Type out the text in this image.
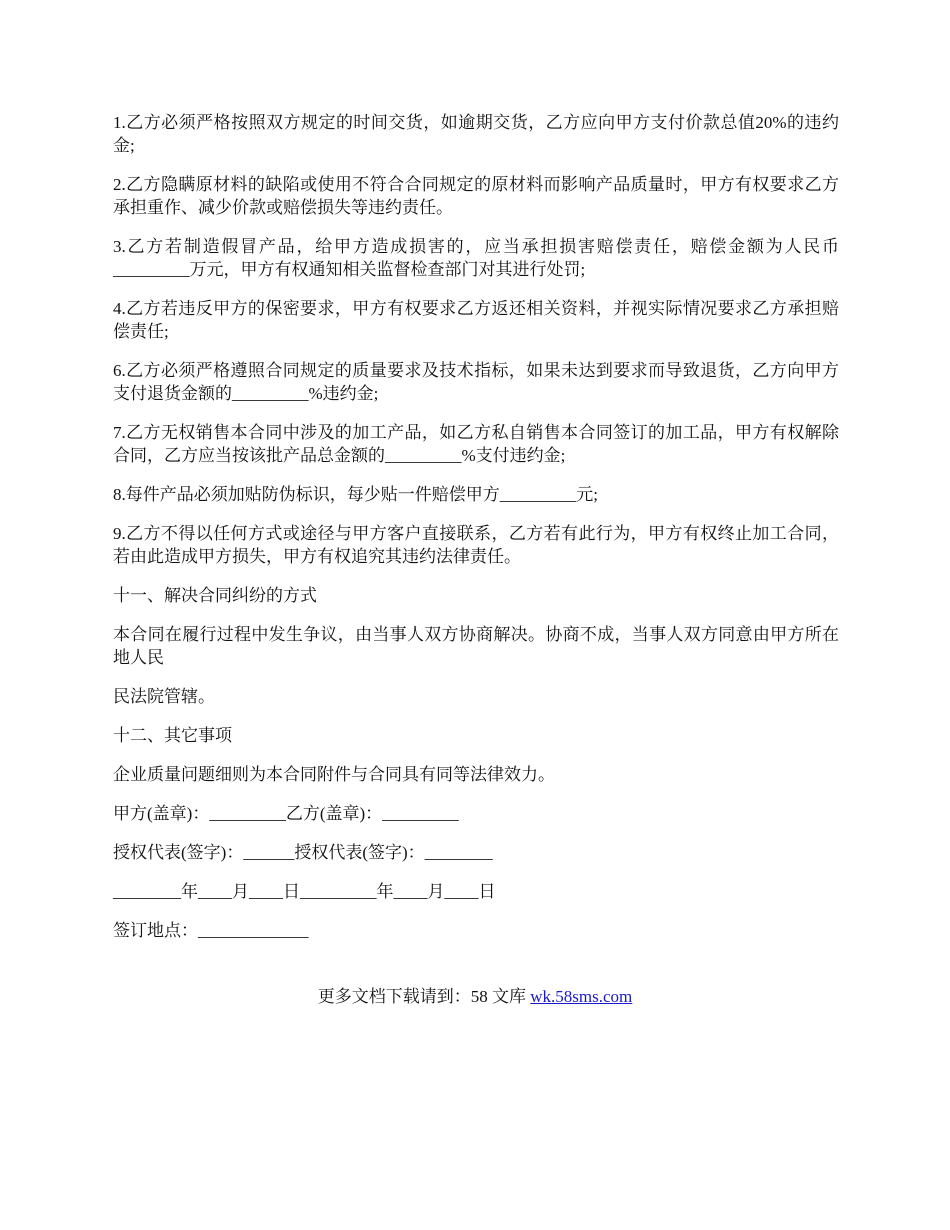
1.乙方必须严格按照双方规定的时间交货，如逾期交货，乙方应向甲方支付价款总值20%的违约金;

2.乙方隐瞒原材料的缺陷或使用不符合合同规定的原材料而影响产品质量时，甲方有权要求乙方承担重作、减少价款或赔偿损失等违约责任。

3.乙方若制造假冒产品，给甲方造成损害的，应当承担损害赔偿责任，赔偿金额为人民币_________万元，甲方有权通知相关监督检查部门对其进行处罚;

4.乙方若违反甲方的保密要求，甲方有权要求乙方返还相关资料，并视实际情况要求乙方承担赔偿责任;

6.乙方必须严格遵照合同规定的质量要求及技术指标，如果未达到要求而导致退货，乙方向甲方支付退货金额的_________%违约金;

7.乙方无权销售本合同中涉及的加工产品，如乙方私自销售本合同签订的加工品，甲方有权解除合同，乙方应当按该批产品总金额的_________%支付违约金;

8.每件产品必须加贴防伪标识，每少贴一件赔偿甲方_________元;

9.乙方不得以任何方式或途径与甲方客户直接联系，乙方若有此行为，甲方有权终止加工合同，若由此造成甲方损失，甲方有权追究其违约法律责任。

十一、解决合同纠纷的方式

本合同在履行过程中发生争议，由当事人双方协商解决。协商不成，当事人双方同意由甲方所在地人民

民法院管辖。

十二、其它事项

企业质量问题细则为本合同附件与合同具有同等法律效力。

甲方(盖章)：_________乙方(盖章)：_________

授权代表(签字)：______授权代表(签字)：________

________年____月____日_________年____月____日

签订地点：_____________

更多文档下载请到：58 文库 wk.58sms.com
